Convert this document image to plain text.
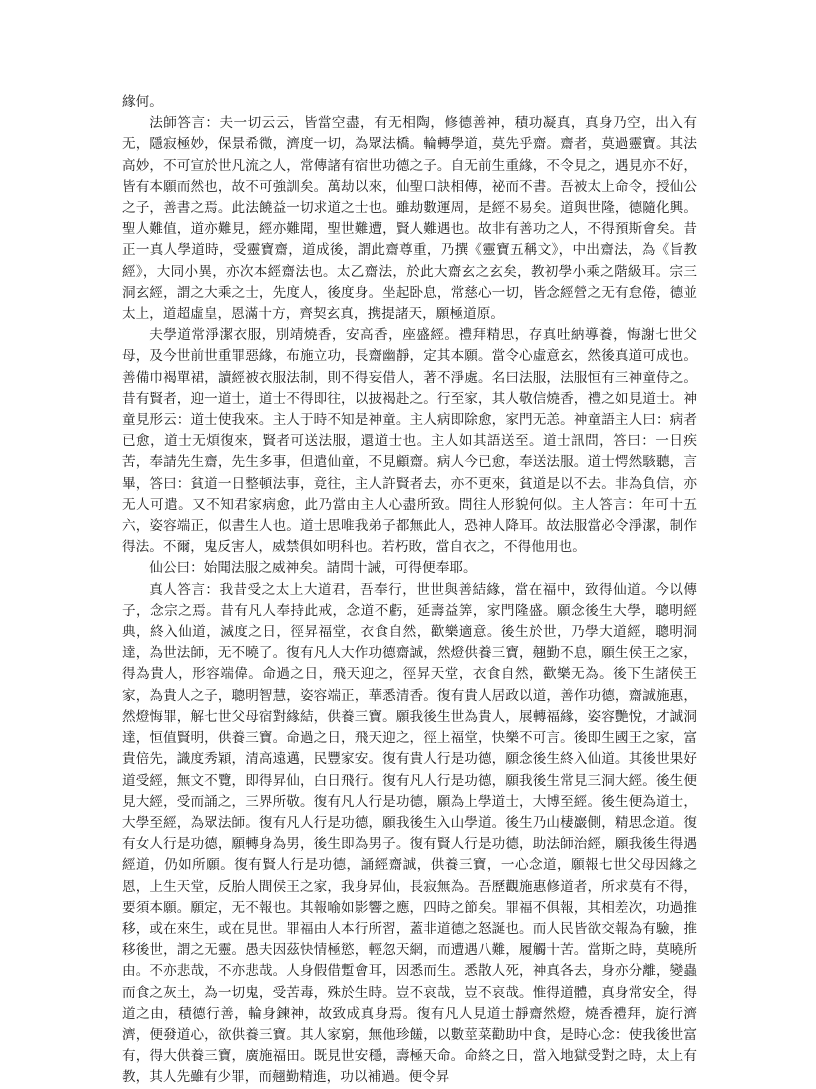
緣何。

法師答言：夫一切云云，皆當空盡，有无相陶，修德善神，積功凝真，真身乃空，出入有无，隱寂極妙，保景希微，濟度一切，為眾法橋。輪轉學道，莫先乎齋。齋者，莫過靈寶。其法高妙，不可宣於世凡流之人，常傳諸有宿世功德之子。自无前生重緣，不令見之，遇見亦不好，皆有本願而然也，故不可強訓矣。萬劫以來，仙聖口訣相傳，祕而不書。吾被太上命令，授仙公之子，善書之焉。此法饒益一切求道之士也。雖劫數運周，是經不易矣。道與世隆，德隨化興。聖人難值，道亦難見，經亦難聞，聖世難遭，賢人難遇也。故非有善功之人，不得預斯會矣。昔正一真人學道時，受靈寶齋，道成後，謂此齋尊重，乃撰《靈寶五稱文》，中出齋法，為《旨教經》，大同小異，亦次本經齋法也。太乙齋法，於此大齋玄之玄矣，教初學小乘之階級耳。宗三洞玄經，謂之大乘之士，先度人，後度身。坐起卧息，常慈心一切，皆念經營之无有怠倦，德並太上，道超虛皇，恩滿十方，齊契玄真，携提諸天，願極道原。

夫學道常淨潔衣服，別靖燒香，安高香，座盛經。禮拜精思，存真吐納導養，悔謝七世父母，及今世前世重罪惡緣，布施立功，長齋幽靜，定其本願。當令心虛意玄，然後真道可成也。善備巾褐單裙，讀經被衣服法制，則不得妄借人，著不淨處。名曰法服，法服恒有三神童侍之。昔有賢者，迎一道士，道士不得即往，以披褐赴之。行至家，其人敬信燒香，禮之如見道士。神童見形云：道士使我來。主人于時不知是神童。主人病即除愈，家門无恙。神童語主人曰：病者已愈，道士无煩復來，賢者可送法服，還道士也。主人如其語送至。道士訊問，答曰：一日疾苦，奉請先生齋，先生多事，但遣仙童，不見顧齋。病人今已愈，奉送法服。道士愕然駭聽，言畢，答曰：貧道一日整頓法事，竟往，主人許賢者去，亦不更來，貧道是以不去。非為負信，亦无人可遣。又不知君家病愈，此乃當由主人心盡所致。問往人形貌何似。主人答言：年可十五六，姿容端正，似書生人也。道士思唯我弟子都無此人，恐神人降耳。故法服當必令淨潔，制作得法。不爾，鬼反害人，威禁俱如明科也。若朽敗，當自衣之，不得他用也。

仙公曰：始聞法服之威神矣。請問十誡，可得便奉耶。

真人答言：我昔受之太上大道君，吾奉行，世世與善結緣，當在福中，致得仙道。今以傳子，念宗之焉。昔有凡人奉持此戒，念道不虧，延壽益筭，家門隆盛。願念後生大學，聰明經典，終入仙道，滅度之日，徑昇福堂，衣食自然，歡樂適意。後生於世，乃學大道經，聰明洞達，為世法師，无不曉了。復有凡人大作功德齋誠，然燈供養三寶，翹勤不息，願生侯王之家，得為貴人，形容端偉。命過之日，飛天迎之，徑昇天堂，衣食自然，歡樂无為。後下生諸侯王家，為貴人之子，聰明智慧，姿容端正，華悉清香。復有貴人居政以道，善作功德，齋誠施惠，然燈悔罪，解七世父母宿對緣結，供養三寶。願我後生世為貴人，展轉福緣，姿容艷悅，才誠洞達，恒值賢明，供養三寶。命過之日，飛天迎之，徑上福堂，快樂不可言。後即生國王之家，富貴倍先，識度秀穎，清高遠邁，民豐家安。復有貴人行是功德，願念後生終入仙道。其後世果好道受經，無文不覽，即得昇仙，白日飛行。復有凡人行是功德，願我後生常見三洞大經。後生便見大經，受而誦之，三界所敬。復有凡人行是功德，願為上學道士，大博至經。後生便為道士，大學至經，為眾法師。復有凡人行是功德，願我後生入山學道。後生乃山棲巖側，精思念道。復有女人行是功德，願轉身為男，後生即為男子。復有賢人行是功德，助法師治經，願我後生得遇經道，仍如所願。復有賢人行是功德，誦經齋誠，供養三寶，一心念道，願報七世父母因緣之恩，上生天堂，反胎人間侯王之家，我身昇仙，長寂無為。吾歷觀施惠修道者，所求莫有不得，要須本願。願定，无不報也。其報喻如影響之應，四時之節矣。罪福不俱報，其相差次，功過推移，或在來生，或在見世。罪福由人本行所習，蓋非道德之怒誕也。而人民皆欲交報為有驗，推移後世，謂之无靈。愚夫因茲快情極慾，輕忽天網，而遭遇八難，履觸十苦。當斯之時，莫曉所由。不亦悲哉，不亦悲哉。人身假借蹔會耳，因悉而生。悉散人死，神真各去，身亦分離，變蟲而食之灰土，為一切鬼，受苦毒，殊於生時。豈不哀哉，豈不哀哉。惟得道體，真身常安全，得道之由，積德行善，輪身鍊神，故致成真身焉。復有凡人見道士靜齋然燈，燒香禮拜，旋行濟濟，便發道心，欲供養三寶。其人家窮，無他珍饈，以數莖菜勸助中食，是時心念：使我後世富有，得大供養三寶，廣施福田。既見世安穩，壽極天命。命終之日，當入地獄受對之時，太上有教，其人先雖有少罪，而翹勤精進，功以補過。便令昇
